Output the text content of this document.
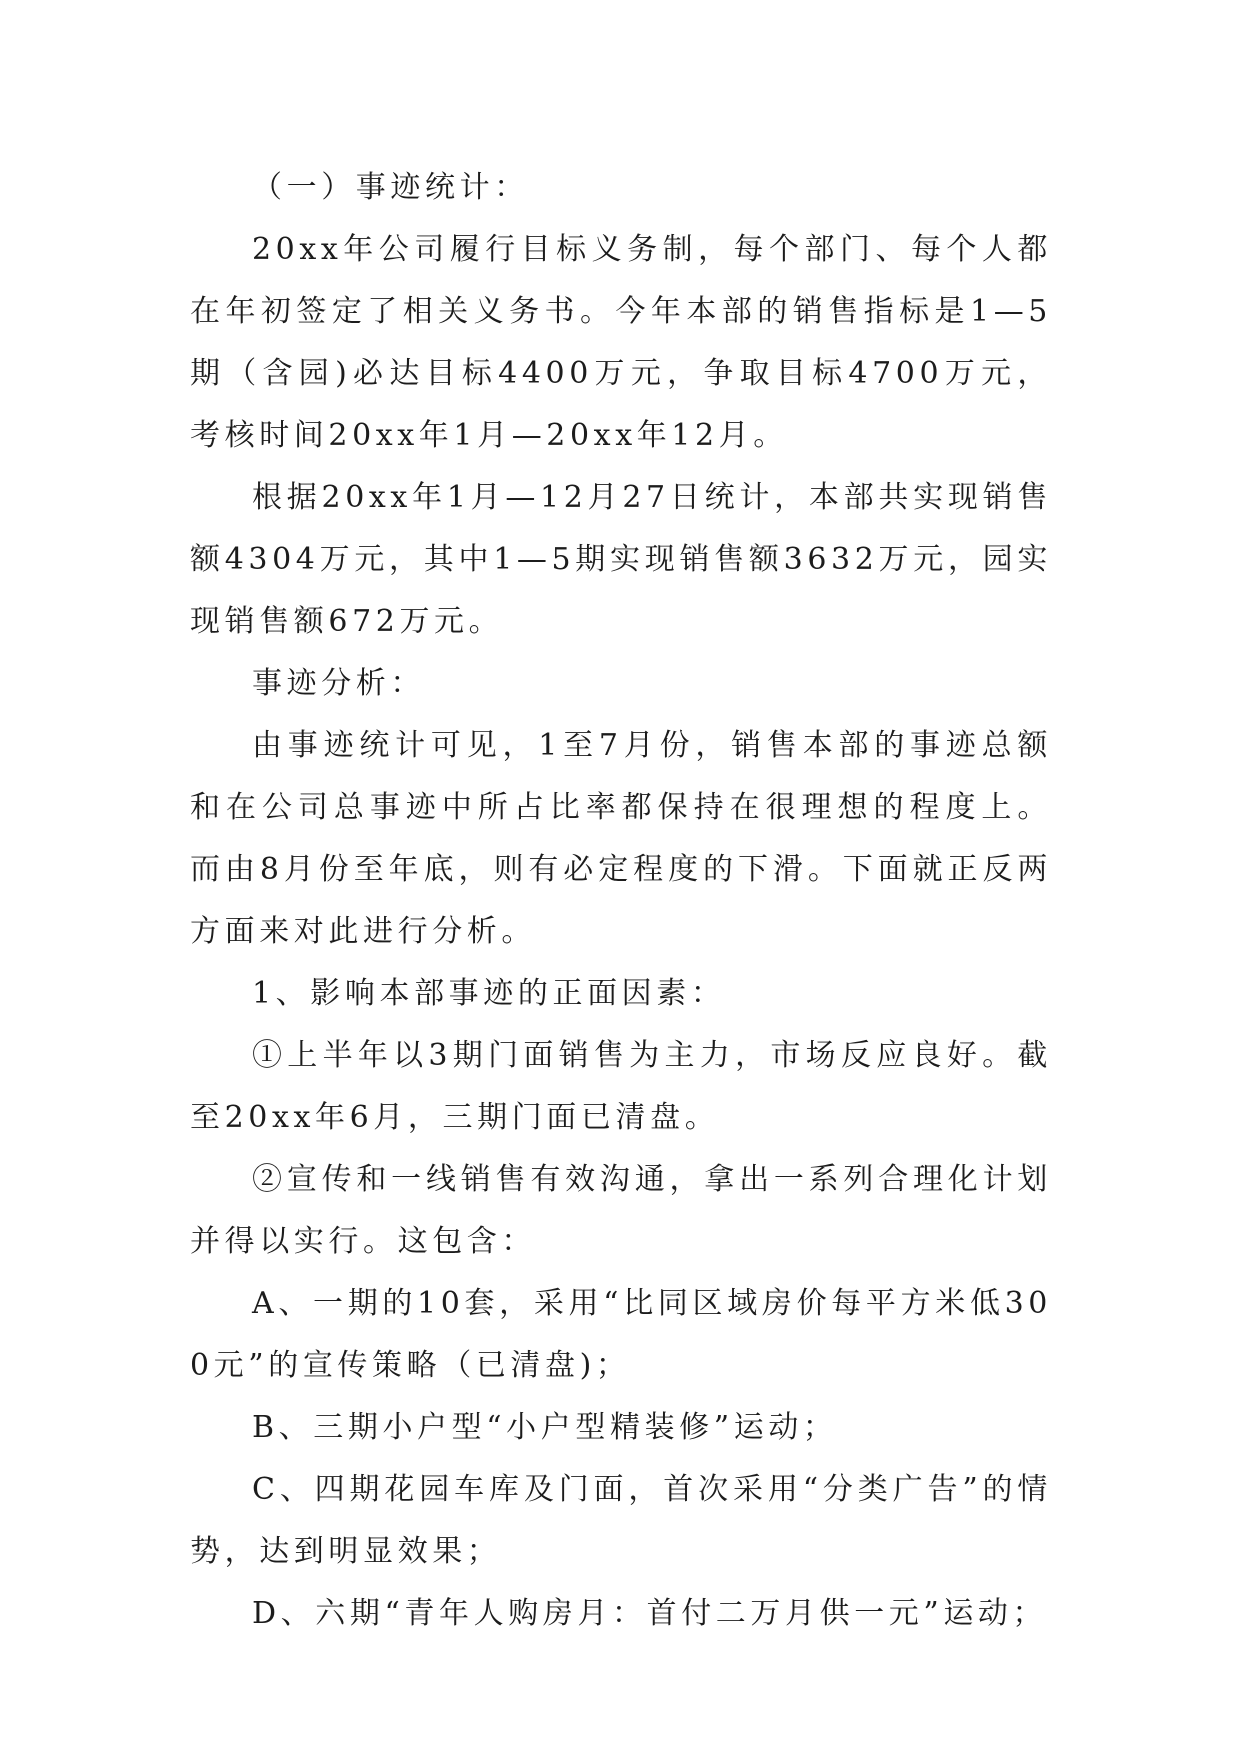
（一）事迹统计：

20xx年公司履行目标义务制，每个部门、每个人都在年初签定了相关义务书。今年本部的销售指标是1—5期（含园)必达目标4400万元，争取目标4700万元，考核时间20xx年1月—20xx年12月。

根据20xx年1月—12月27日统计，本部共实现销售额4304万元，其中1—5期实现销售额3632万元，园实现销售额672万元。

事迹分析：

由事迹统计可见，1至7月份，销售本部的事迹总额和在公司总事迹中所占比率都保持在很理想的程度上。而由8月份至年底，则有必定程度的下滑。下面就正反两方面来对此进行分析。

1、影响本部事迹的正面因素：

①上半年以3期门面销售为主力，市场反应良好。截至20xx年6月，三期门面已清盘。

②宣传和一线销售有效沟通，拿出一系列合理化计划并得以实行。这包含：

A、一期的10套，采用“比同区域房价每平方米低300元”的宣传策略（已清盘)；

B、三期小户型“小户型精装修”运动；

C、四期花园车库及门面，首次采用“分类广告”的情势，达到明显效果；

D、六期“青年人购房月：首付二万月供一元”运动；
